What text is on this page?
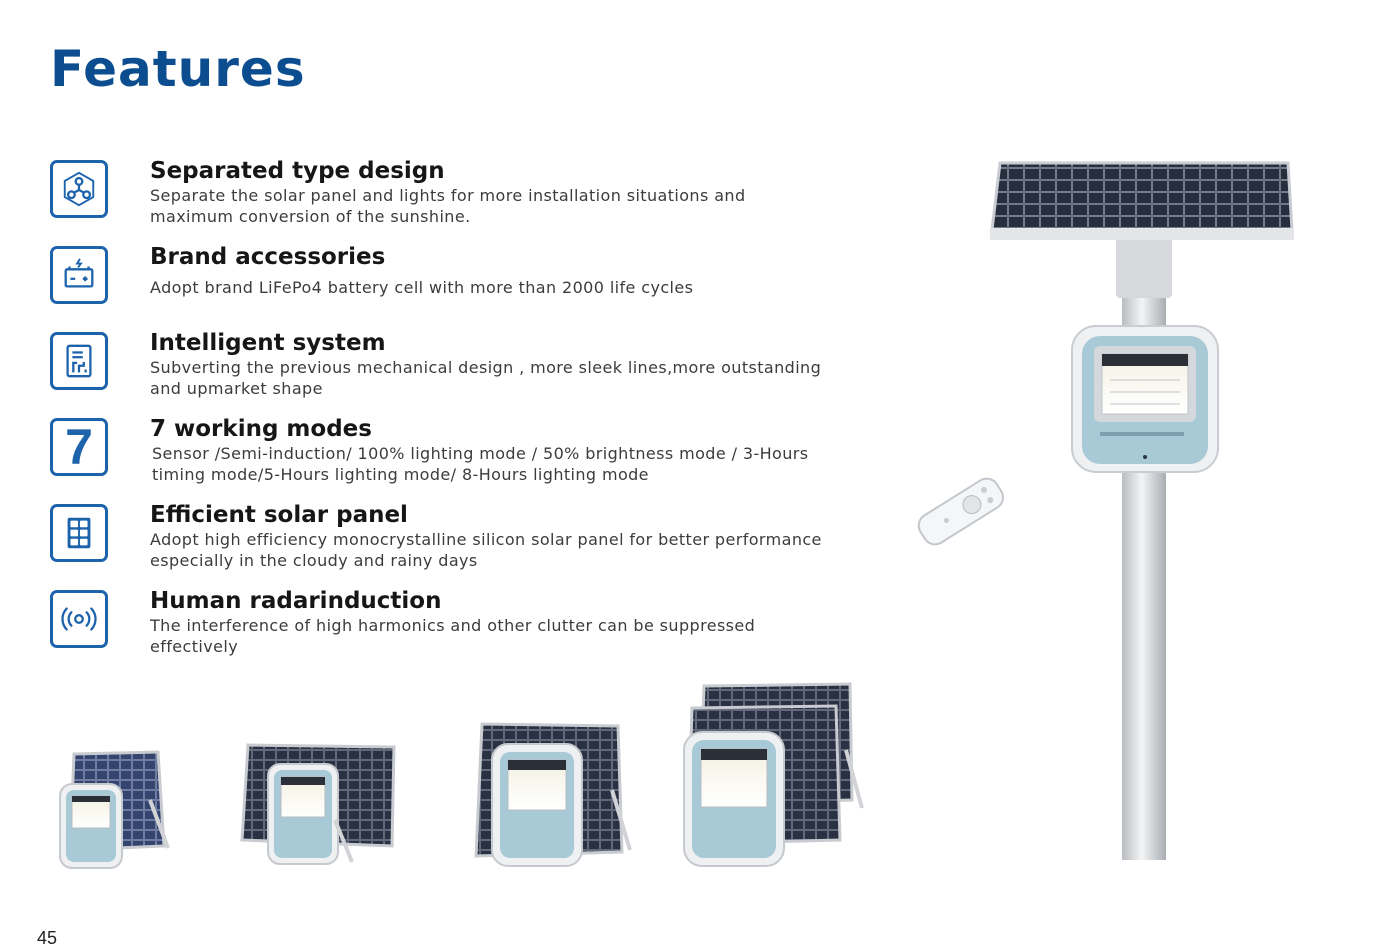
Features
Separated type design

Separate the solar panel and lights for more installation situations and maximum conversion of the sunshine.

Brand accessories

Adopt brand LiFePo4 battery cell with more than 2000 life cycles

Intelligent system

Subverting the previous mechanical design , more sleek lines,more outstanding and upmarket shape

7 7 working modes

Sensor /Semi-induction/ 100% lighting mode / 50% brightness mode / 3-Hours timing mode/5-Hours lighting mode/ 8-Hours lighting mode

Efficient solar panel

Adopt high efficiency monocrystalline silicon solar panel for better performance especially in the cloudy and rainy days

Human radarinduction

The interference of high harmonics and other clutter can be suppressed effectively

45
